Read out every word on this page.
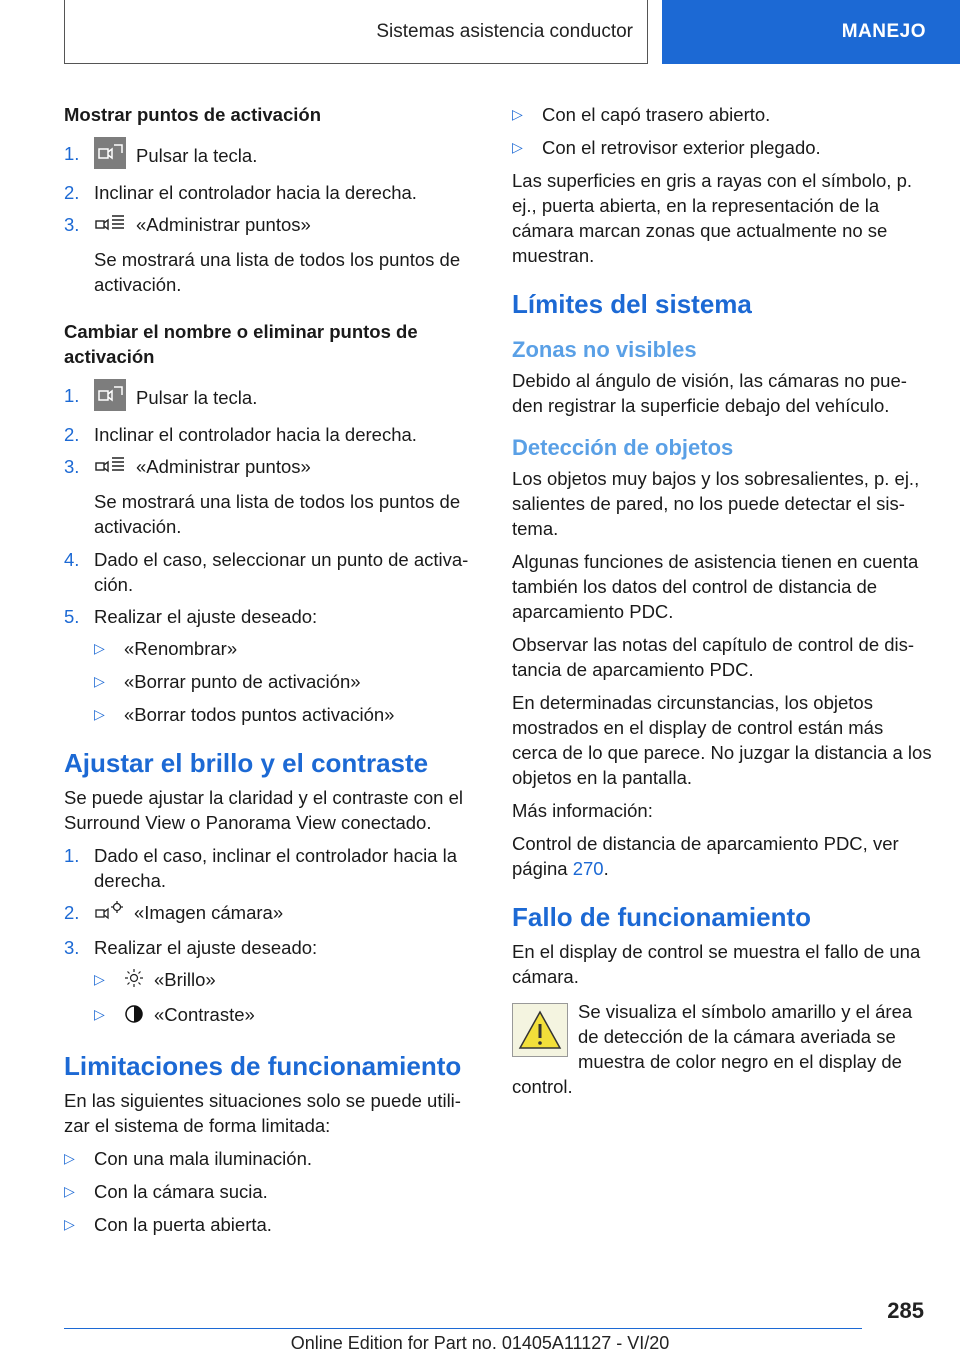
Sistemas asistencia conductor	MANEJO
Mostrar puntos de activación
1.	Pulsar la tecla.
2. Inclinar el controlador hacia la derecha.
3.	«Administrar puntos»
Se mostrará una lista de todos los puntos de activación.
Cambiar el nombre o eliminar puntos de activación
1.	Pulsar la tecla.
2. Inclinar el controlador hacia la derecha.
3.	«Administrar puntos»
Se mostrará una lista de todos los puntos de activación.
4. Dado el caso, seleccionar un punto de activa-ción.
5. Realizar el ajuste deseado:
▷	«Renombrar»
▷	«Borrar punto de activación»
▷	«Borrar todos puntos activación»
Ajustar el brillo y el contraste
Se puede ajustar la claridad y el contraste con el Surround View o Panorama View conectado.
1. Dado el caso, inclinar el controlador hacia la derecha.
2.	«Imagen cámara»
3. Realizar el ajuste deseado:
▷	«Brillo»
▷	«Contraste»
Limitaciones de funcionamiento
En las siguientes situaciones solo se puede utili-zar el sistema de forma limitada:
▷	Con una mala iluminación.
▷	Con la cámara sucia.
▷	Con la puerta abierta.
▷	Con el capó trasero abierto.
▷	Con el retrovisor exterior plegado.
Las superficies en gris a rayas con el símbolo, p. ej., puerta abierta, en la representación de la cámara marcan zonas que actualmente no se muestran.
Límites del sistema
Zonas no visibles
Debido al ángulo de visión, las cámaras no pue-den registrar la superficie debajo del vehículo.
Detección de objetos
Los objetos muy bajos y los sobresalientes, p. ej., salientes de pared, no los puede detectar el sis-tema.
Algunas funciones de asistencia tienen en cuenta también los datos del control de distancia de aparcamiento PDC.
Observar las notas del capítulo de control de dis-tancia de aparcamiento PDC.
En determinadas circunstancias, los objetos mostrados en el display de control están más cerca de lo que parece. No juzgar la distancia a los objetos en la pantalla.
Más información:
Control de distancia de aparcamiento PDC, ver página 270.
Fallo de funcionamiento
En el display de control se muestra el fallo de una cámara.
Se visualiza el símbolo amarillo y el área de detección de la cámara averiada se muestra de color negro en el display de control.
285
Online Edition for Part no. 01405A11127 - VI/20
